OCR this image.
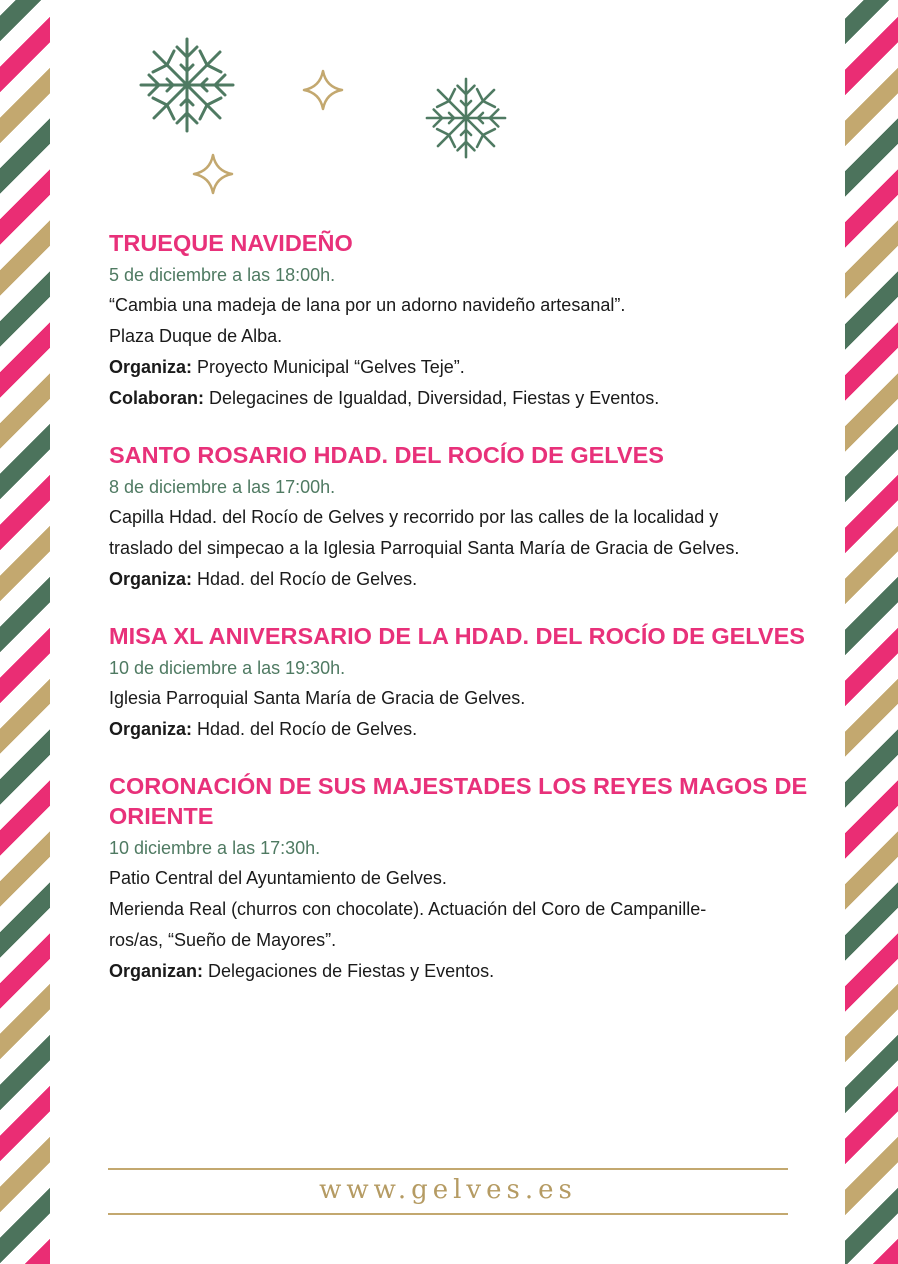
TRUEQUE NAVIDEÑO
5 de diciembre a las 18:00h.

“Cambia una madeja de lana por un adorno navideño artesanal”.

Plaza Duque de Alba.

Organiza: Proyecto Municipal “Gelves Teje”.

Colaboran: Delegacines de Igualdad, Diversidad, Fiestas y Eventos.

SANTO ROSARIO HDAD. DEL ROCÍO DE GELVES
8 de diciembre a las 17:00h.

Capilla Hdad. del Rocío de Gelves y recorrido por las calles de la localidad y

traslado del simpecao a la Iglesia Parroquial Santa María de Gracia de Gelves.

Organiza: Hdad. del Rocío de Gelves.

MISA XL ANIVERSARIO DE LA HDAD. DEL ROCÍO DE GELVES
10 de diciembre a las 19:30h.

Iglesia Parroquial Santa María de Gracia de Gelves.

Organiza: Hdad. del Rocío de Gelves.

CORONACIÓN DE SUS MAJESTADES LOS REYES MAGOS DE ORIENTE
10 diciembre a las 17:30h.

Patio Central del Ayuntamiento de Gelves.

Merienda Real (churros con chocolate). Actuación del Coro de Campanille-

ros/as, “Sueño de Mayores”.

Organizan: Delegaciones de Fiestas y Eventos.

www.gelves.es
